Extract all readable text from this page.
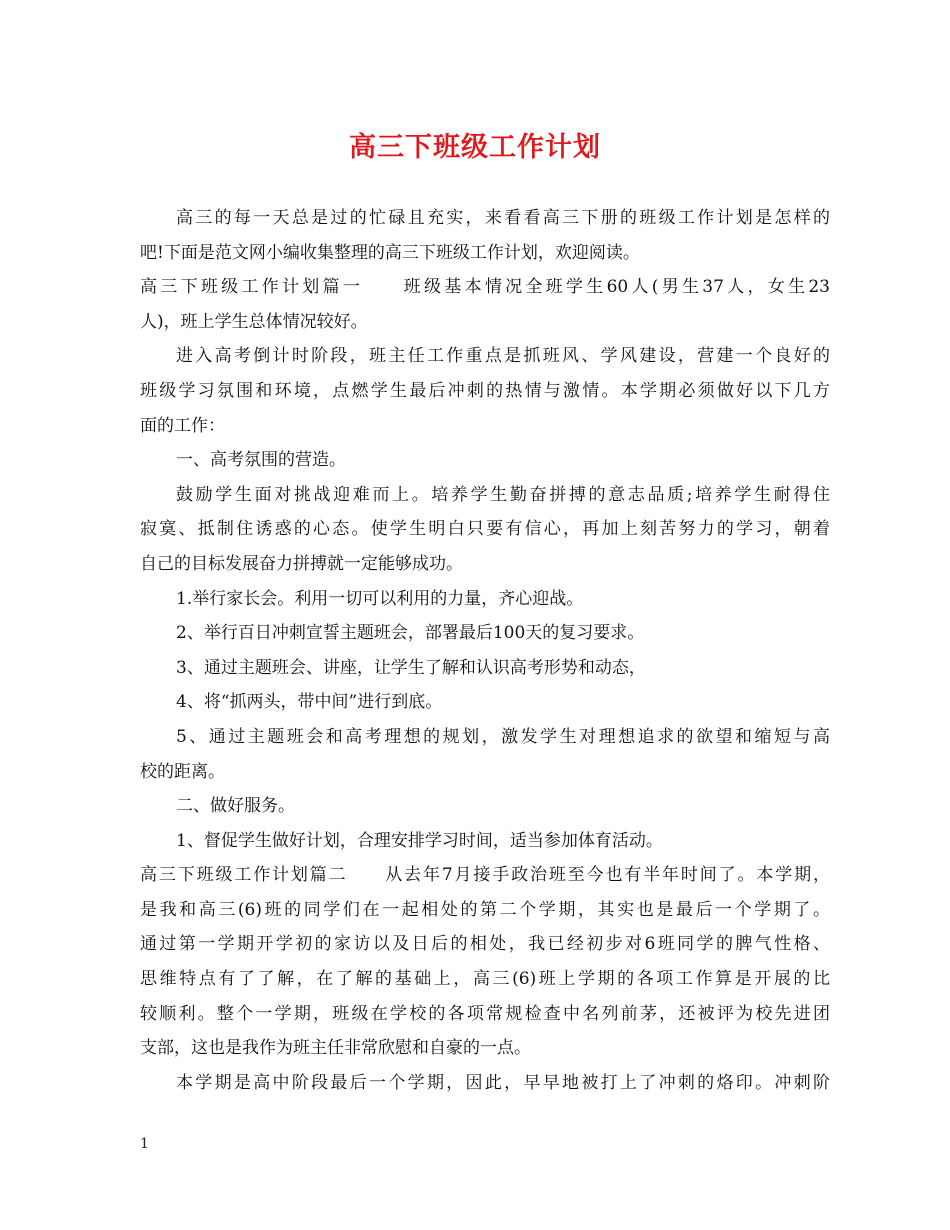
高三下班级工作计划
高三的每一天总是过的忙碌且充实，来看看高三下册的班级工作计划是怎样的
吧!下面是范文网小编收集整理的高三下班级工作计划，欢迎阅读。
高三下班级工作计划篇一　　班级基本情况全班学生60人(男生37人，女生23
人)，班上学生总体情况较好。
进入高考倒计时阶段，班主任工作重点是抓班风、学风建设，营建一个良好的
班级学习氛围和环境，点燃学生最后冲刺的热情与激情。本学期必须做好以下几方
面的工作：
一、高考氛围的营造。
鼓励学生面对挑战迎难而上。培养学生勤奋拼搏的意志品质;培养学生耐得住
寂寞、抵制住诱惑的心态。使学生明白只要有信心，再加上刻苦努力的学习，朝着
自己的目标发展奋力拼搏就一定能够成功。
1.举行家长会。利用一切可以利用的力量，齐心迎战。
2、举行百日冲刺宣誓主题班会，部署最后100天的复习要求。
3、通过主题班会、讲座，让学生了解和认识高考形势和动态，
4、将“抓两头，带中间”进行到底。
5、通过主题班会和高考理想的规划，激发学生对理想追求的欲望和缩短与高
校的距离。
二、做好服务。
1、督促学生做好计划，合理安排学习时间，适当参加体育活动。
高三下班级工作计划篇二　　从去年7月接手政治班至今也有半年时间了。本学期，
是我和高三(6)班的同学们在一起相处的第二个学期，其实也是最后一个学期了。
通过第一学期开学初的家访以及日后的相处，我已经初步对6班同学的脾气性格、
思维特点有了了解，在了解的基础上，高三(6)班上学期的各项工作算是开展的比
较顺利。整个一学期，班级在学校的各项常规检查中名列前茅，还被评为校先进团
支部，这也是我作为班主任非常欣慰和自豪的一点。
本学期是高中阶段最后一个学期，因此，早早地被打上了冲刺的烙印。冲刺阶
1
